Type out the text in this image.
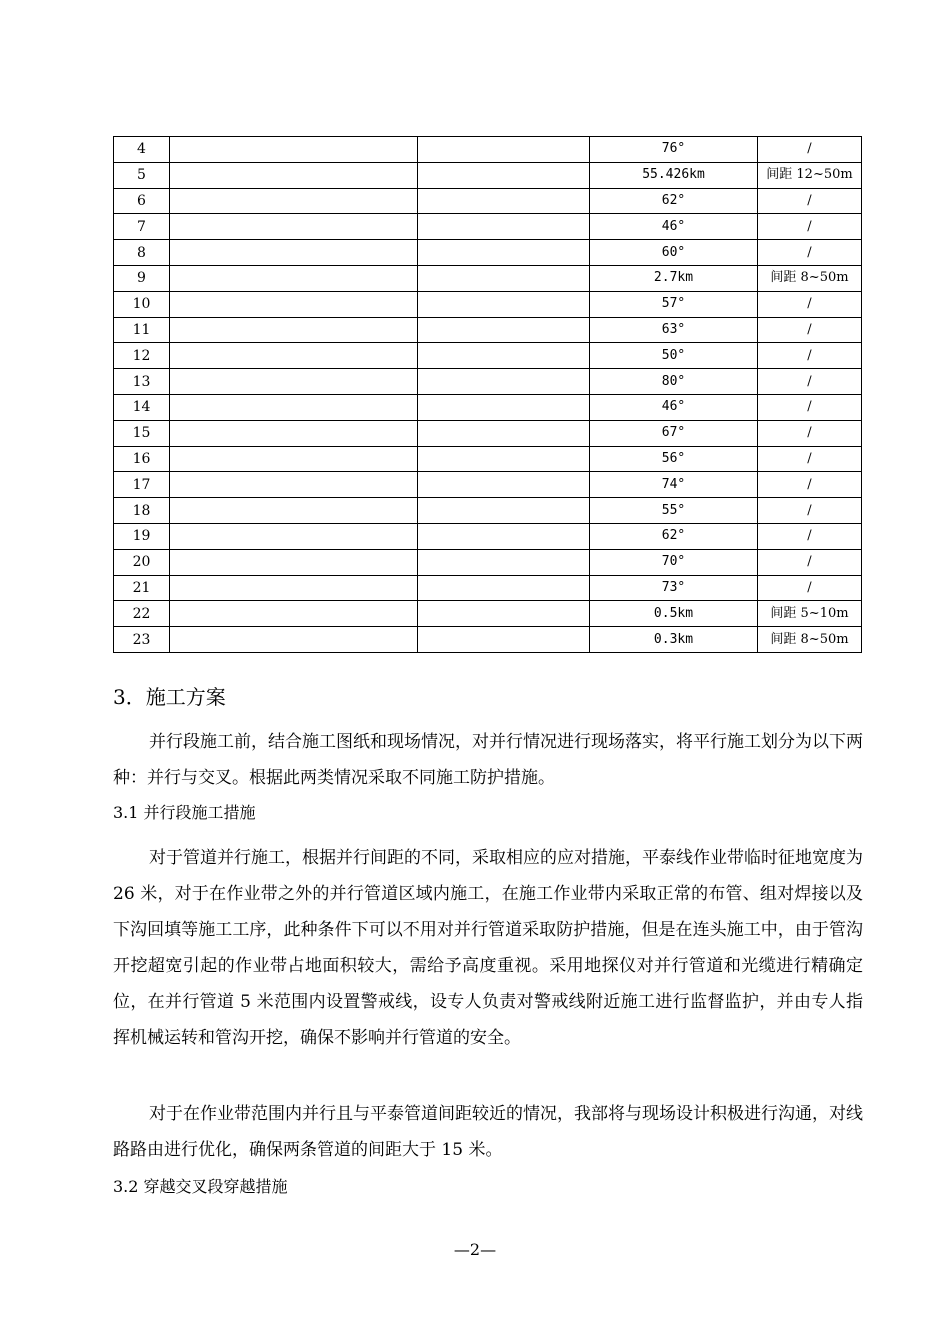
4			76°	/
5			55.426km	间距 12~50m
6			62°	/
7			46°	/
8			60°	/
9			2.7km	间距 8~50m
10			57°	/
11			63°	/
12			50°	/
13			80°	/
14			46°	/
15			67°	/
16			56°	/
17			74°	/
18			55°	/
19			62°	/
20			70°	/
21			73°	/
22			0.5km	间距 5~10m
23			0.3km	间距 8~50m
3．施工方案
并行段施工前，结合施工图纸和现场情况，对并行情况进行现场落实，将平行施工划分为以下两种：并行与交叉。根据此两类情况采取不同施工防护措施。
3.1 并行段施工措施
对于管道并行施工，根据并行间距的不同，采取相应的应对措施，平泰线作业带临时征地宽度为 26 米，对于在作业带之外的并行管道区域内施工，在施工作业带内采取正常的布管、组对焊接以及下沟回填等施工工序，此种条件下可以不用对并行管道采取防护措施，但是在连头施工中，由于管沟开挖超宽引起的作业带占地面积较大，需给予高度重视。采用地探仪对并行管道和光缆进行精确定位，在并行管道 5 米范围内设置警戒线，设专人负责对警戒线附近施工进行监督监护，并由专人指挥机械运转和管沟开挖，确保不影响并行管道的安全。
对于在作业带范围内并行且与平泰管道间距较近的情况，我部将与现场设计积极进行沟通，对线路路由进行优化，确保两条管道的间距大于 15 米。
3.2 穿越交叉段穿越措施
—2—
